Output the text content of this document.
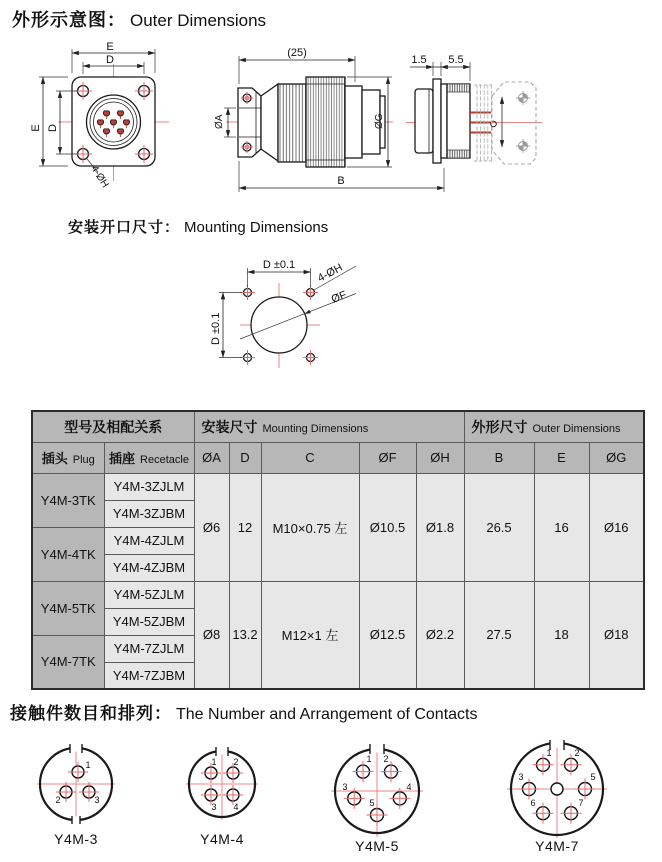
外形示意图： Outer Dimensions
E
D
E D
4-ØH
(25)
ØA	ØG
B
1.5 5.5
安装开口尺寸： Mounting Dimensions
ØF
D ±0.1
D ±0.1
4-ØH
型号及相配关系		安装尺寸 Mounting Dimensions					外形尺寸 Outer Dimensions		
插头 Plug	插座 Recetacle	ØA	D	C	ØF	ØH	B	E	ØG
Y4M-3TK	Y4M-3ZJLM	Ø6	12	M10×0.75 左	Ø10.5	Ø1.8	26.5	16	Ø16
	Y4M-3ZJBM								
Y4M-4TK	Y4M-4ZJLM								
	Y4M-4ZJBM								
Y4M-5TK	Y4M-5ZJLM	Ø8	13.2	M12×1 左	Ø12.5	Ø2.2	27.5	18	Ø18
	Y4M-5ZJBM								
Y4M-7TK	Y4M-7ZJLM								
	Y4M-7ZJBM								
接触件数目和排列： The Number and Arrangement of Contacts
1
2	3
Y4M-3
1 2
3 4
Y4M-4
1 2
3	4
5
Y4M-5
1	2
3	5
6	7
Y4M-7
